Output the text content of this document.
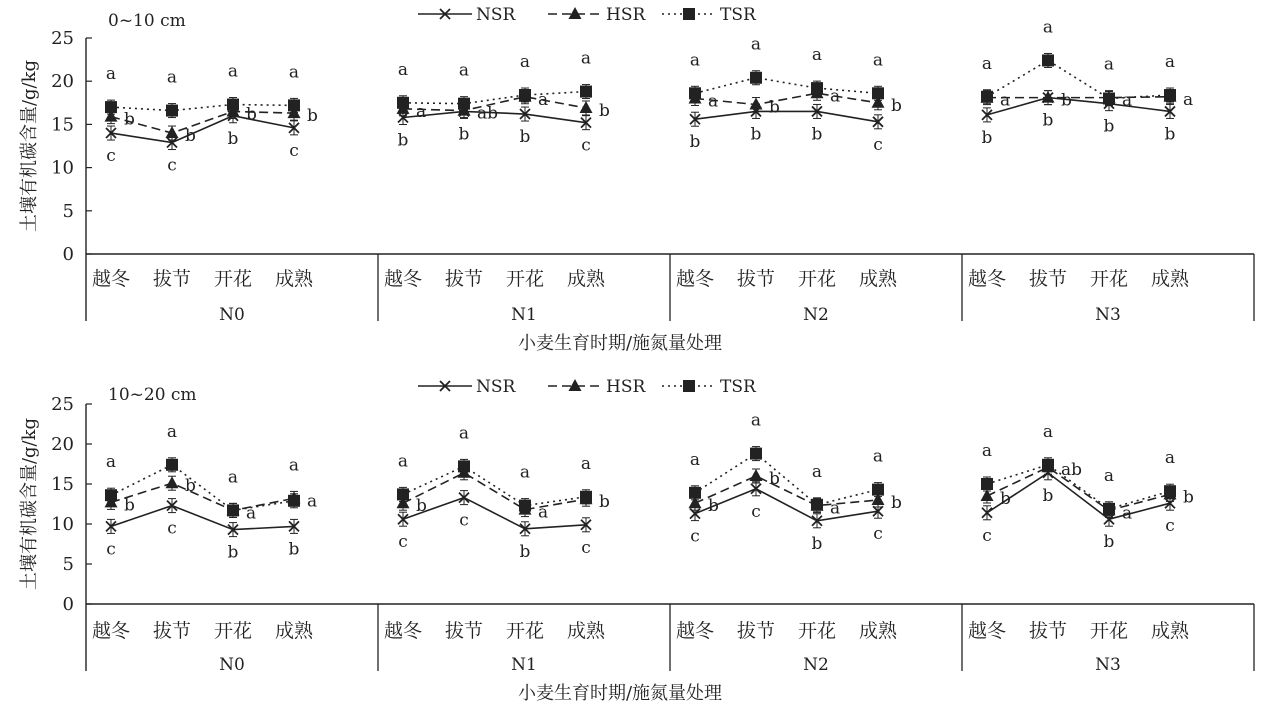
0~10 cm
0
5
10
15
20
25
土壤有机碳含量/g/kg
越冬 拔节 开花 成熟
N0
越冬 拔节 开花 成熟
N1
越冬 拔节 开花 成熟
N2
越冬 拔节 开花 成熟
N3
小麦生育时期/施氮量处理
a
b
c
a
b
c
a
b
b
a
b
c
a
a
b
a
ab
b
a
a
b
a
b
c
a
a
b
a
b
b
a
a
b
a
b
c
a
a
b
a
b
b
a
a
b
a
a
b
NSR	HSR	TSR
10~20 cm
0
5
10
15
20
25
土壤有机碳含量/g/kg
越冬 拔节 开花 成熟
N0
越冬 拔节 开花 成熟
N1
越冬 拔节 开花 成熟
N2
越冬 拔节 开花 成熟
N3
小麦生育时期/施氮量处理
a
b
c
a
b
c
a
a
b
a
a
b
a
b
c
a
c
a
a
b
a
b
c
a
b
c
a
b
c
a
a
b
a
b
c
a
b
c
a
ab
b
a
a
b
a
b
c
NSR	HSR	TSR
